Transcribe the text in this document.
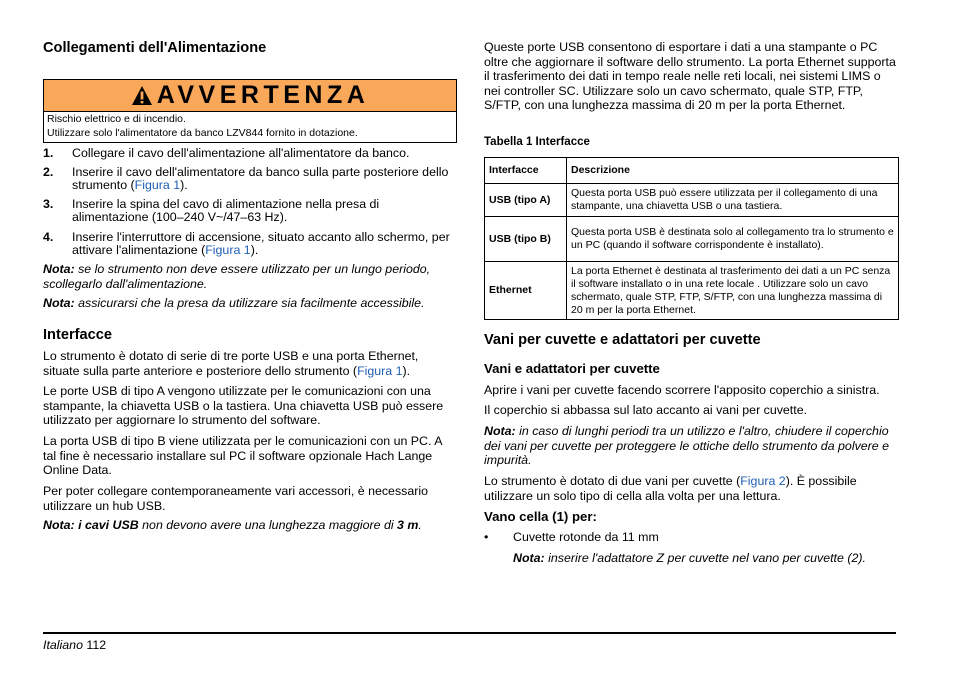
Collegamenti dell'Alimentazione
AVVERTENZA
Rischio elettrico e di incendio.
Utilizzare solo l'alimentatore da banco LZV844 fornito in dotazione.

1. Collegare il cavo dell'alimentazione all'alimentatore da banco.

2. Inserire il cavo dell'alimentatore da banco sulla parte posteriore dello strumento (Figura 1).

3. Inserire la spina del cavo di alimentazione nella presa di alimentazione (100–240 V~/47–63 Hz).

4. Inserire l'interruttore di accensione, situato accanto allo schermo, per attivare l'alimentazione (Figura 1).

Nota: se lo strumento non deve essere utilizzato per un lungo periodo, scollegarlo dall'alimentazione.

Nota: assicurarsi che la presa da utilizzare sia facilmente accessibile.

Interfacce

Lo strumento è dotato di serie di tre porte USB e una porta Ethernet, situate sulla parte anteriore e posteriore dello strumento (Figura 1).

Le porte USB di tipo A vengono utilizzate per le comunicazioni con una stampante, la chiavetta USB o la tastiera. Una chiavetta USB può essere utilizzato per aggiornare lo strumento del software.

La porta USB di tipo B viene utilizzata per le comunicazioni con un PC. A tal fine è necessario installare sul PC il software opzionale Hach Lange Online Data.

Per poter collegare contemporaneamente vari accessori, è necessario utilizzare un hub USB.

Nota: i cavi USB non devono avere una lunghezza maggiore di 3 m.

Queste porte USB consentono di esportare i dati a una stampante o PC oltre che aggiornare il software dello strumento. La porta Ethernet supporta il trasferimento dei dati in tempo reale nelle reti locali, nei sistemi LIMS o nei controller SC. Utilizzare solo un cavo schermato, quale STP, FTP, S/FTP, con una lunghezza massima di 20 m per la porta Ethernet.

Tabella 1 Interfacce

Interfacce	Descrizione
USB (tipo A)	Questa porta USB può essere utilizzata per il collegamento di una stampante, una chiavetta USB o una tastiera.
USB (tipo B)	Questa porta USB è destinata solo al collegamento tra lo strumento e un PC (quando il software corrispondente è installato).
Ethernet	La porta Ethernet è destinata al trasferimento dei dati a un PC senza il software installato o in una rete locale . Utilizzare solo un cavo schermato, quale STP, FTP, S/FTP, con una lunghezza massima di 20 m per la porta Ethernet.
Vani per cuvette e adattatori per cuvette
Vani e adattatori per cuvette

Aprire i vani per cuvette facendo scorrere l'apposito coperchio a sinistra.

Il coperchio si abbassa sul lato accanto ai vani per cuvette.

Nota: in caso di lunghi periodi tra un utilizzo e l'altro, chiudere il coperchio dei vani per cuvette per proteggere le ottiche dello strumento da polvere e impurità.

Lo strumento è dotato di due vani per cuvette (Figura 2). È possibile utilizzare un solo tipo di cella alla volta per una lettura.

Vano cella (1) per:

• Cuvette rotonde da 11 mm

Nota: inserire l'adattatore Z per cuvette nel vano per cuvette (2).

Italiano 112
